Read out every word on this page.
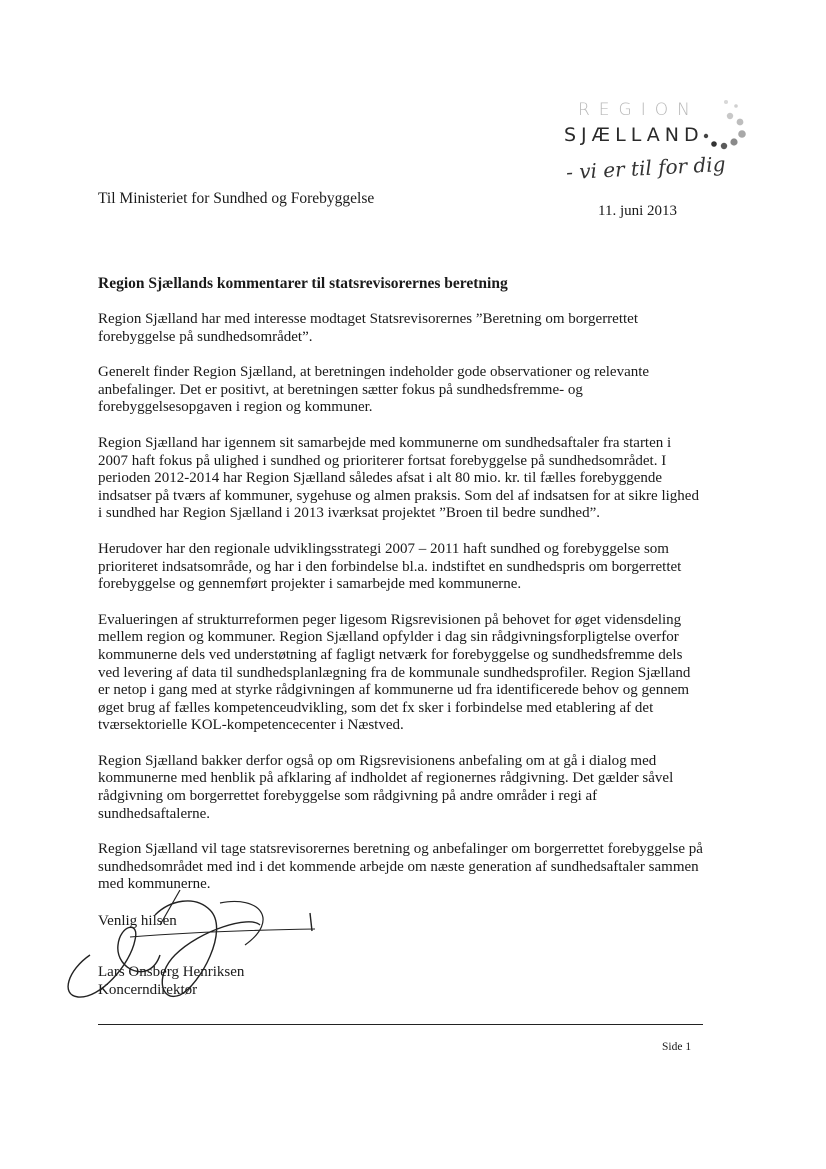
REGION
SJÆLLAND
- vi er til for dig
Til Ministeriet for Sundhed og Forebyggelse
11. juni 2013
Region Sjællands kommentarer til statsrevisorernes beretning

Region Sjælland har med interesse modtaget Statsrevisorernes ”Beretning om borgerrettet forebyggelse på sundhedsområdet”.

Generelt finder Region Sjælland, at beretningen indeholder gode observationer og relevante anbefalinger. Det er positivt, at beretningen sætter fokus på sundhedsfremme- og forebyggelsesopgaven i region og kommuner.

Region Sjælland har igennem sit samarbejde med kommunerne om sundhedsaftaler fra starten i 2007 haft fokus på ulighed i sundhed og prioriterer fortsat forebyggelse på sundhedsområdet. I perioden 2012-2014 har Region Sjælland således afsat i alt 80 mio. kr. til fælles forebyggende indsatser på tværs af kommuner, sygehuse og almen praksis. Som del af indsatsen for at sikre lighed i sundhed har Region Sjælland i 2013 iværksat projektet ”Broen til bedre sundhed”.

Herudover har den regionale udviklingsstrategi 2007 – 2011 haft sundhed og forebyggelse som prioriteret indsatsområde, og har i den forbindelse bl.a. indstiftet en sundhedspris om borgerrettet forebyggelse og gennemført projekter i samarbejde med kommunerne.

Evalueringen af strukturreformen peger ligesom Rigsrevisionen på behovet for øget vidensdeling mellem region og kommuner. Region Sjælland opfylder i dag sin rådgivningsforpligtelse overfor kommunerne dels ved understøtning af fagligt netværk for forebyggelse og sundhedsfremme dels ved levering af data til sundhedsplanlægning fra de kommunale sundhedsprofiler. Region Sjælland er netop i gang med at styrke rådgivningen af kommunerne ud fra identificerede behov og gennem øget brug af fælles kompetenceudvikling, som det fx sker i forbindelse med etablering af det tværsektorielle KOL-kompetencecenter i Næstved.

Region Sjælland bakker derfor også op om Rigsrevisionens anbefaling om at gå i dialog med kommunerne med henblik på afklaring af indholdet af regionernes rådgivning. Det gælder såvel rådgivning om borgerrettet forebyggelse som rådgivning på andre områder i regi af sundhedsaftalerne.

Region Sjælland vil tage statsrevisorernes beretning og anbefalinger om borgerrettet forebyggelse på sundhedsområdet med ind i det kommende arbejde om næste generation af sundhedsaftaler sammen med kommunerne.

Venlig hilsen
Lars Onsberg Henriksen
Koncerndirektør
Side 1
